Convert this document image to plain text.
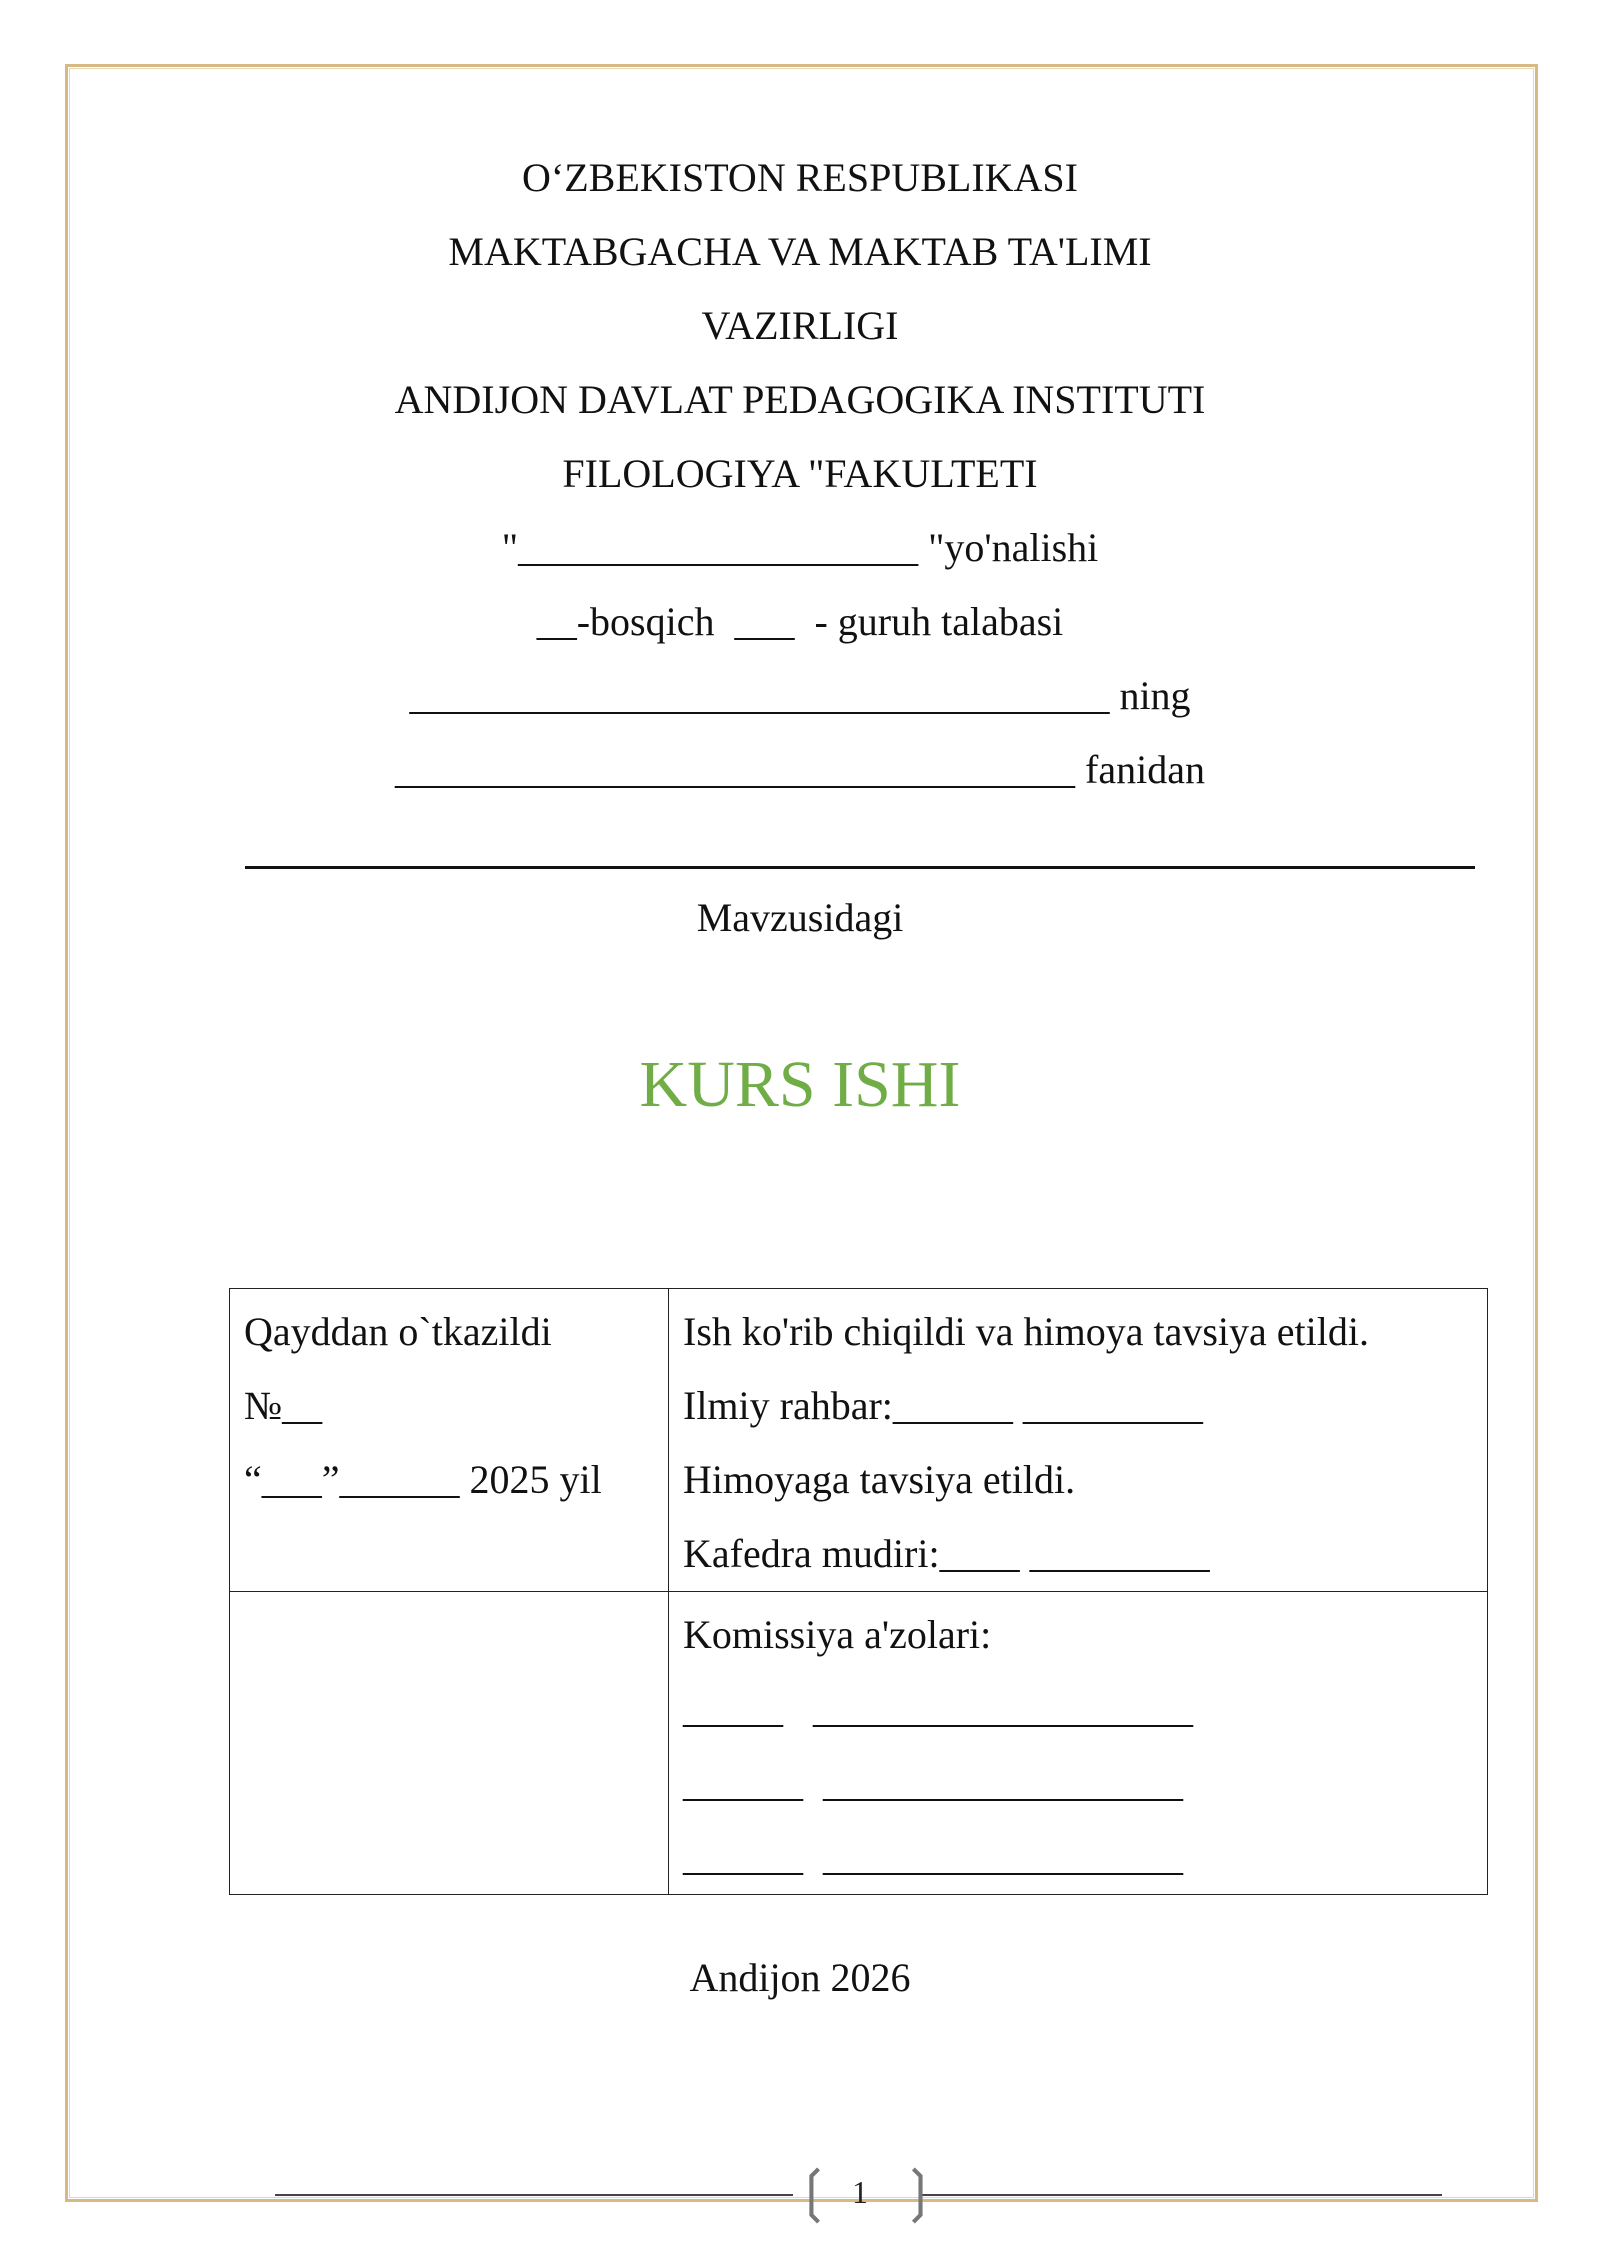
O‘ZBEKISTON RESPUBLIKASI
MAKTABGACHA VA MAKTAB TA'LIMI
VAZIRLIGI
ANDIJON DAVLAT PEDAGOGIKA INSTITUTI
FILOLOGIYA "FAKULTETI
"____________________ "yo'nalishi
__-bosqich  ___  - guruh talabasi
___________________________________ ning
__________________________________ fanidan
Mavzusidagi
KURS ISHI
Qayddan o`tkazildi
№__
“___”______ 2025 yil	Ish ko'rib chiqildi va himoya tavsiya etildi.
Ilmiy rahbar:______ _________
Himoyaga tavsiya etildi.
Kafedra mudiri:____ _________

	Komissiya a'zolari:
_____   ___________________
______  __________________
______  __________________
Andijon 2026
❲ ❳
1
